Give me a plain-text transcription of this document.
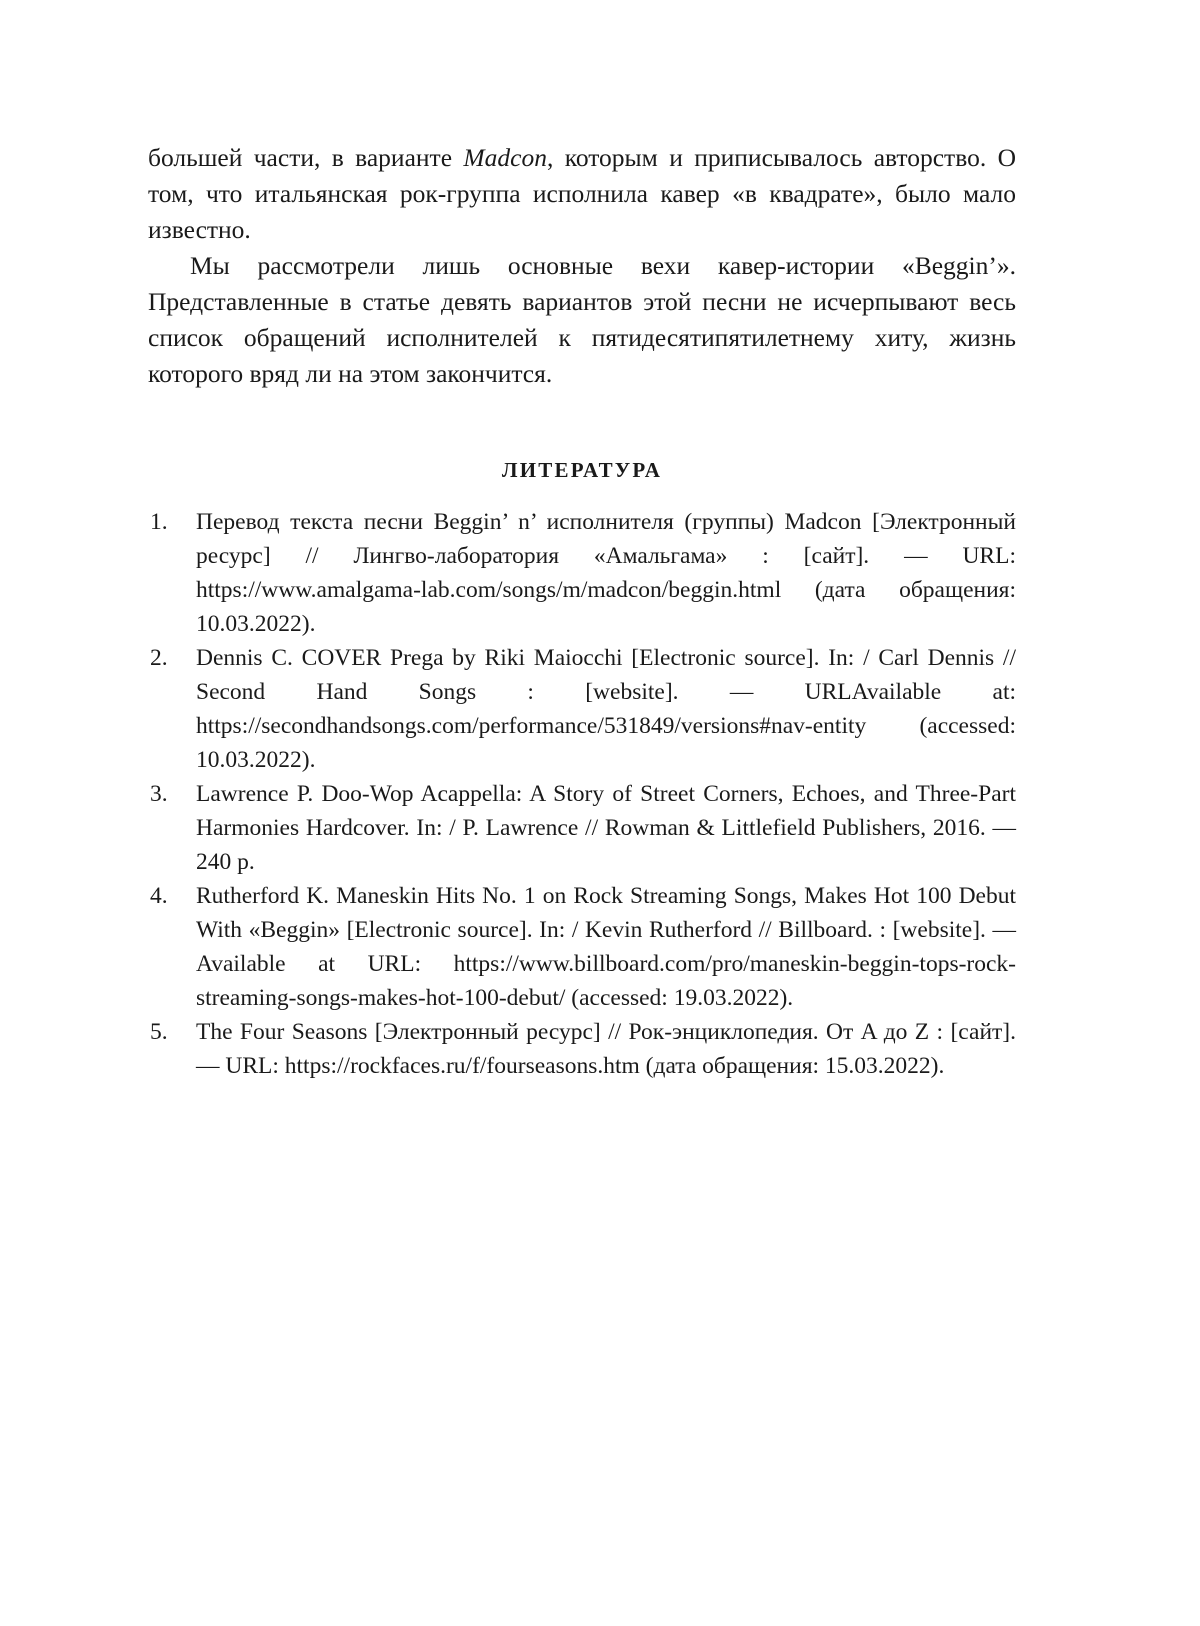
большей части, в варианте Madcon, которым и приписывалось авторство. О том, что итальянская рок-группа исполнила кавер «в квадрате», было мало известно.

Мы рассмотрели лишь основные вехи кавер-истории «Beggin’». Представленные в статье девять вариантов этой песни не исчерпывают весь список обращений исполнителей к пятидесятипятилетнему хиту, жизнь которого вряд ли на этом закончится.

ЛИТЕРАТУРА
Перевод текста песни Beggin’ n’ исполнителя (группы) Madcon [Электронный ресурс] // Лингво-лаборатория «Амальгама» : [сайт]. — URL: https://www.amalgama-lab.com/songs/m/madcon/beggin.html (дата обращения: 10.03.2022).
Dennis C. COVER Prega by Riki Maiocchi [Electronic source]. In: / Carl Dennis // Second Hand Songs : [website]. — URLAvailable at: https://secondhandsongs.com/performance/531849/versions#nav-entity (accessed: 10.03.2022).
Lawrence P. Doo-Wop Acappella: A Story of Street Corners, Echoes, and Three-Part Harmonies Hardcover. In: / P. Lawrence // Rowman & Littlefield Publishers, 2016. — 240 p.
Rutherford K. Maneskin Hits No. 1 on Rock Streaming Songs, Makes Hot 100 Debut With «Beggin» [Electronic source]. In: / Kevin Rutherford // Billboard. : [website]. — Available at URL: https://www.billboard.com/pro/maneskin-beggin-tops-rock-streaming-songs-makes-hot-100-debut/ (accessed: 19.03.2022).
The Four Seasons [Электронный ресурс] // Рок-энциклопедия. От A до Z : [сайт]. — URL: https://rockfaces.ru/f/fourseasons.htm (дата обращения: 15.03.2022).
